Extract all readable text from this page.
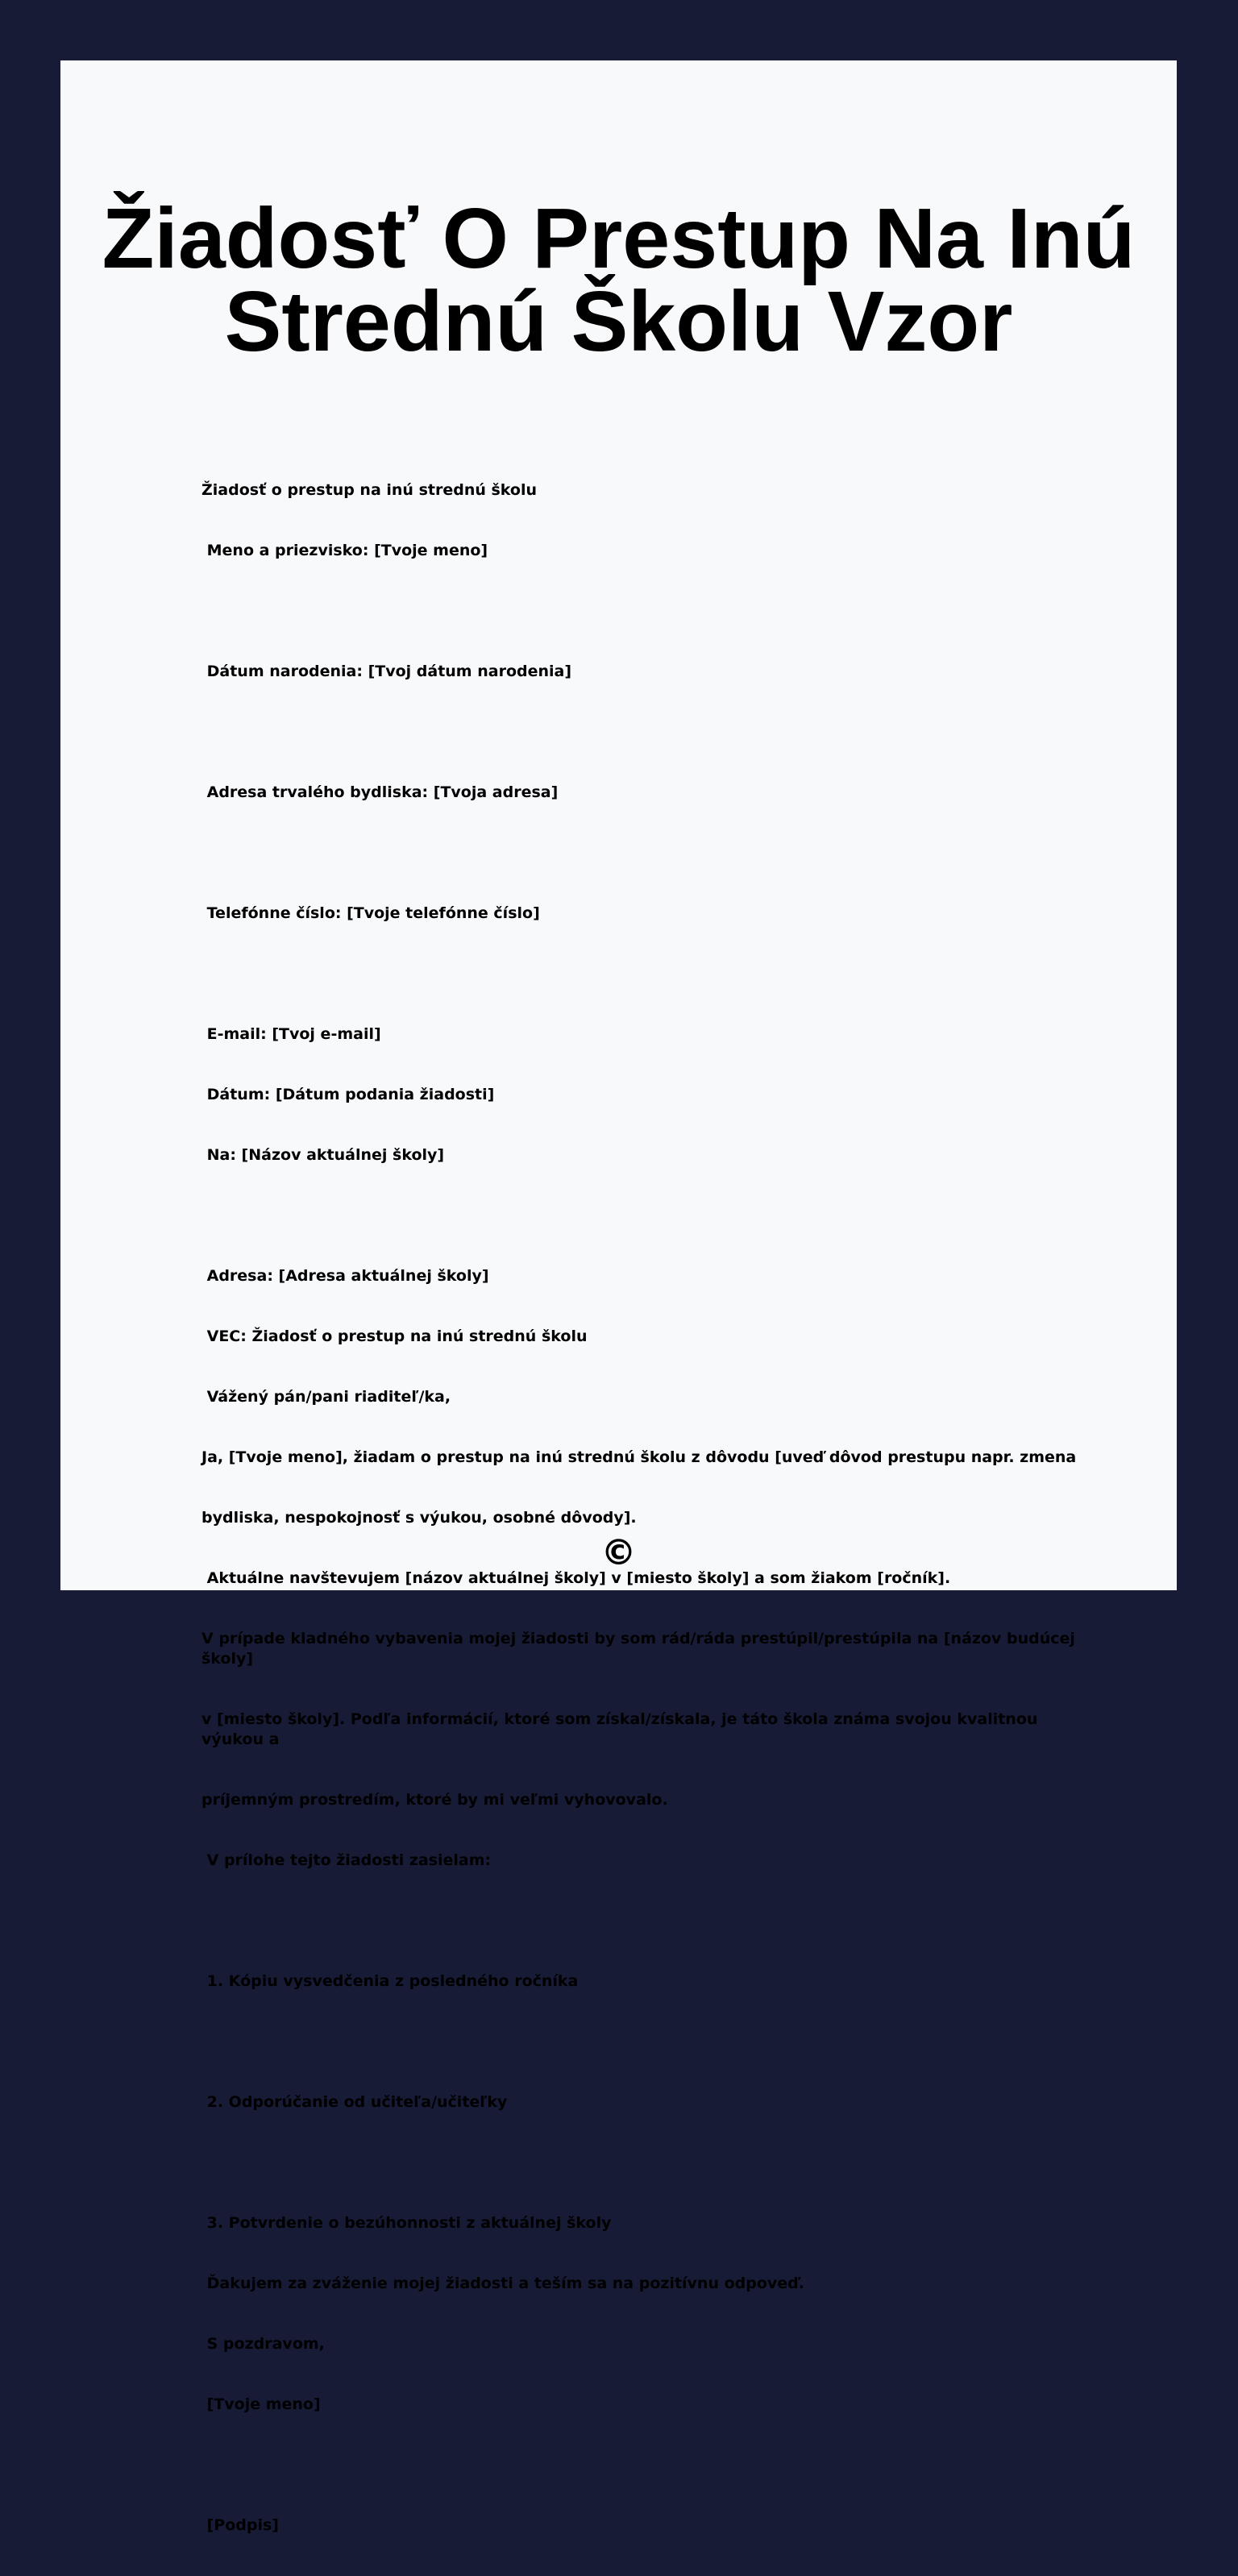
Žiadosť O Prestup Na Inú
Strednú Školu Vzor

Žiadosť o prestup na inú strednú školu

Meno a priezvisko: [Tvoje meno]

Dátum narodenia: [Tvoj dátum narodenia]

Adresa trvalého bydliska: [Tvoja adresa]

Telefónne číslo: [Tvoje telefónne číslo]

E-mail: [Tvoj e-mail]

Dátum: [Dátum podania žiadosti]

Na: [Názov aktuálnej školy]

Adresa: [Adresa aktuálnej školy]

VEC: Žiadosť o prestup na inú strednú školu

Vážený pán/pani riaditeľ/ka,

Ja, [Tvoje meno], žiadam o prestup na inú strednú školu z dôvodu [uveď dôvod prestupu napr. zmena

bydliska, nespokojnosť s výukou, osobné dôvody].

Aktuálne navštevujem [názov aktuálnej školy] v [miesto školy] a som žiakom [ročník].

V prípade kladného vybavenia mojej žiadosti by som rád/ráda prestúpil/prestúpila na [názov budúcej školy]

v [miesto školy]. Podľa informácií, ktoré som získal/získala, je táto škola známa svojou kvalitnou výukou a

príjemným prostredím, ktoré by mi veľmi vyhovovalo.

V prílohe tejto žiadosti zasielam:

1. Kópiu vysvedčenia z posledného ročníka

2. Odporúčanie od učiteľa/učiteľky

3. Potvrdenie o bezúhonnosti z aktuálnej školy

Ďakujem za zváženie mojej žiadosti a teším sa na pozitívnu odpoveď.

S pozdravom,

[Tvoje meno]

[Podpis]

©
